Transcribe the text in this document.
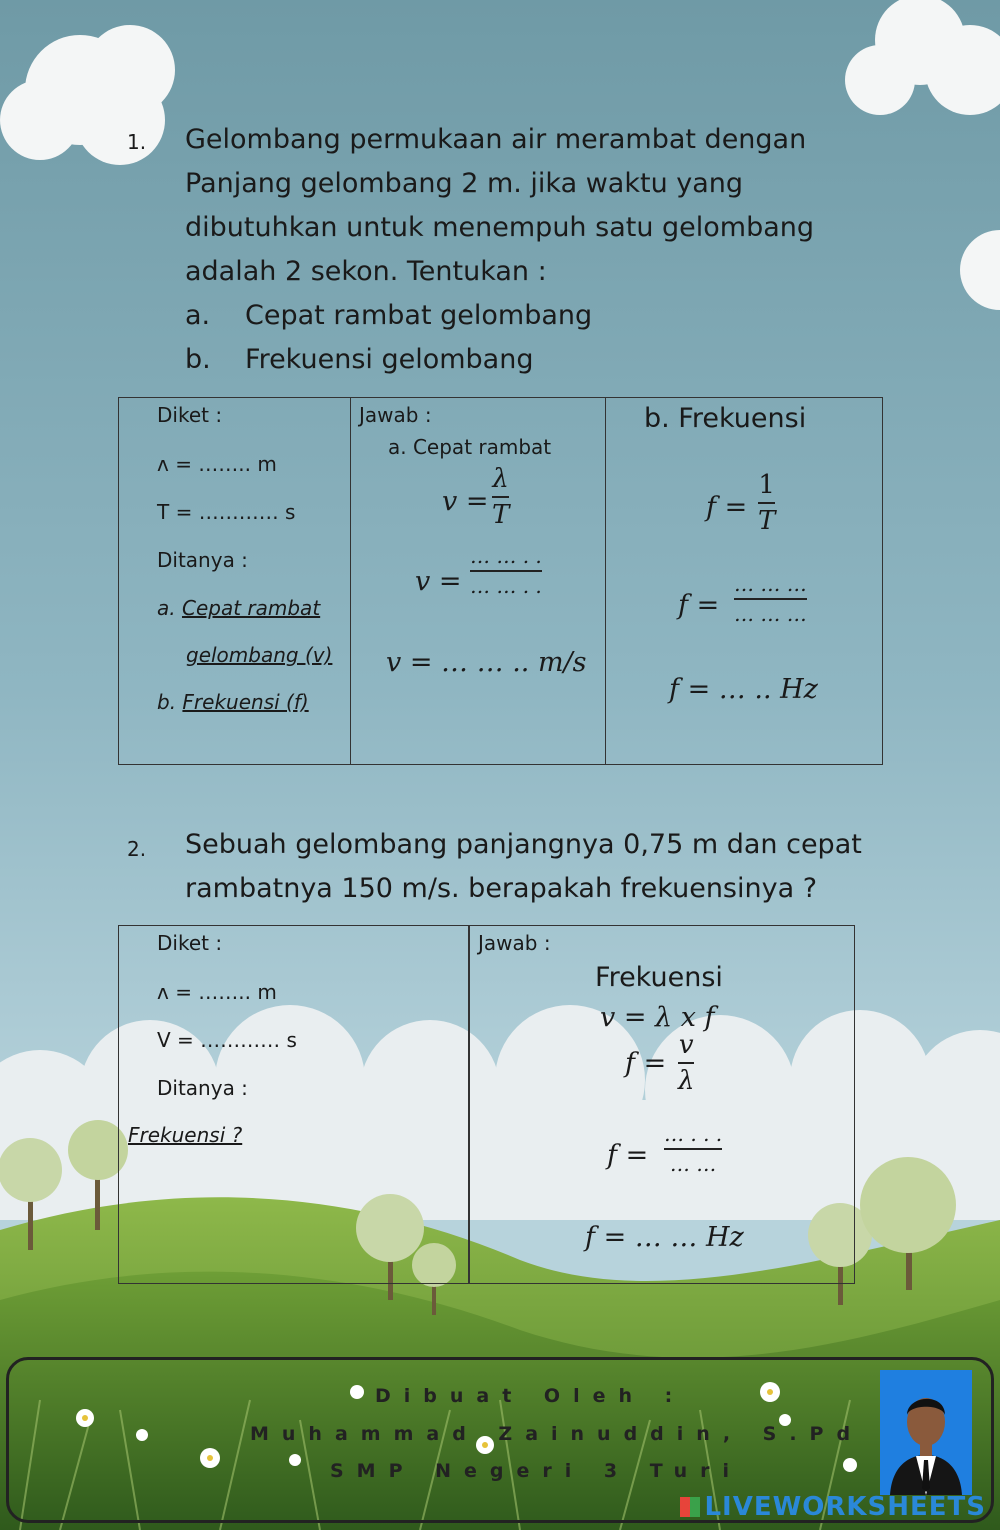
1. Gelombang permukaan air merambat dengan
Panjang gelombang 2 m. jika waktu yang
dibutuhkan untuk menempuh satu gelombang
adalah 2 sekon. Tentukan :
a. Cepat rambat gelombang
b. Frekuensi gelombang
Diket :
ʌ = …….. m
T = ………… s
Ditanya :
a. Cepat rambat
gelombang (v)
b. Frekuensi (f)
Jawab :
a. Cepat rambat
v =
λ
T
v =
… … . .
… … . .
v = … … .. m/s
b. Frekuensi
f =
1
T
f =
… … …
… … …
f = … .. Hz
2. Sebuah gelombang panjangnya 0,75 m dan cepat
rambatnya 150 m/s. berapakah frekuensinya ?
Diket :
ʌ = …….. m
V = ………… s
Ditanya :
Frekuensi ?
Jawab :
Frekuensi
v = λ x f
f =
v
λ
f =
… . . .
… …
f = … … Hz
Dibuat Oleh :
Muhammad Zainuddin, S.Pd
SMP Negeri 3 Turi
LIVEWORKSHEETS
